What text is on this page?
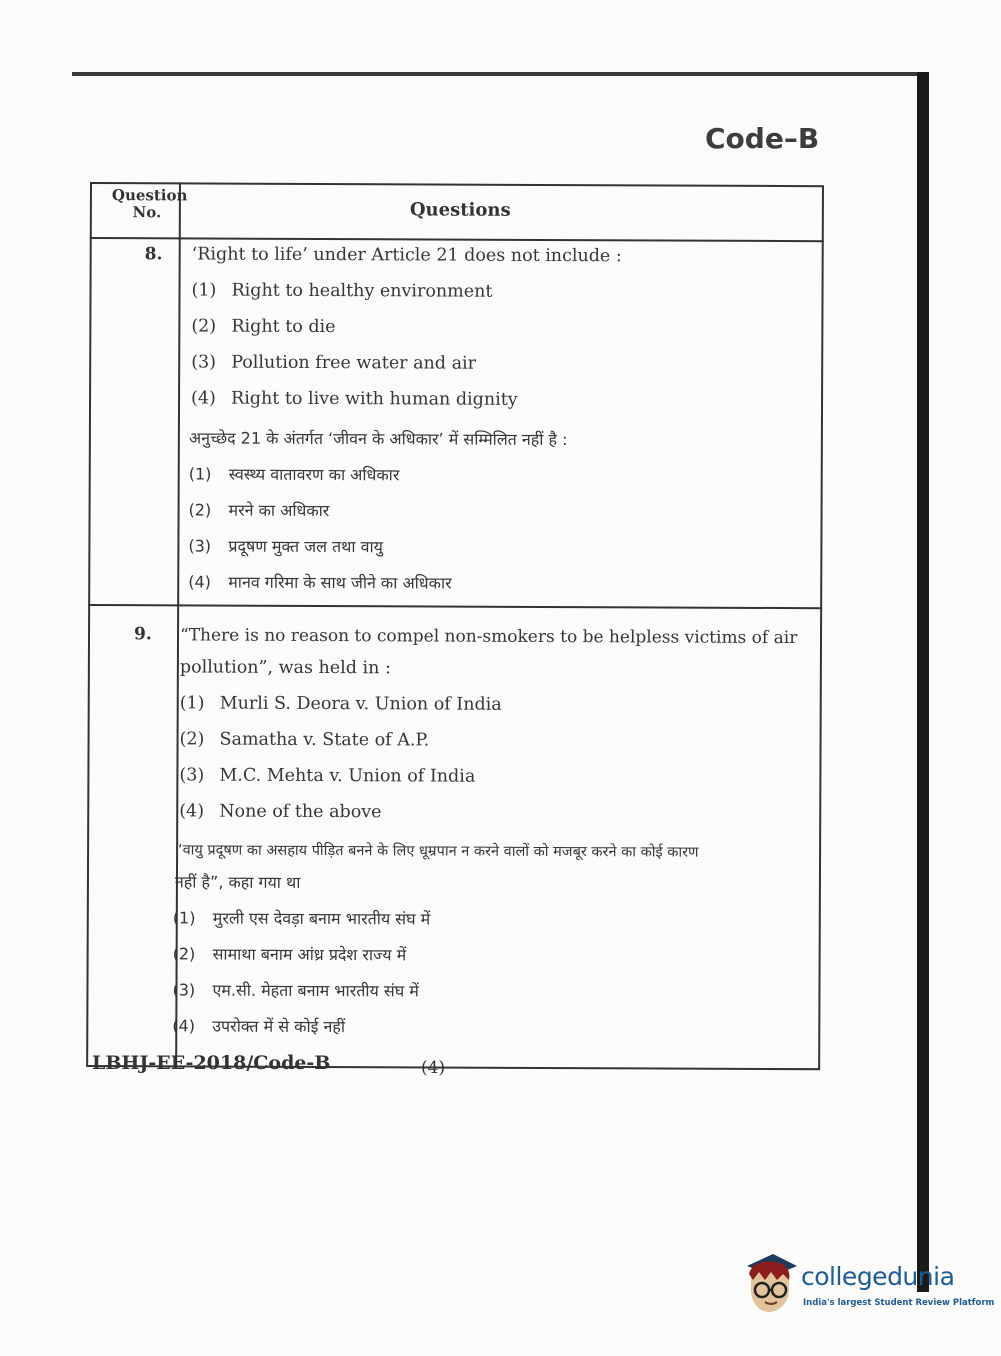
Code–B
Question No.	Questions
8. ‘Right to life’ under Article 21 does not include :
(1) Right to healthy environment
(2) Right to die
(3) Pollution free water and air
(4) Right to live with human dignity
अनुच्छेद 21 के अंतर्गत ‘जीवन के अधिकार’ में सम्मिलित नहीं है :
(1) स्वस्थ्य वातावरण का अधिकार
(2) मरने का अधिकार
(3) प्रदूषण मुक्त जल तथा वायु
(4) मानव गरिमा के साथ जीने का अधिकार
9. “There is no reason to compel non-smokers to be helpless victims of air
pollution”, was held in :
(1) Murli S. Deora v. Union of India
(2) Samatha v. State of A.P.
(3) M.C. Mehta v. Union of India
(4) None of the above
“वायु प्रदूषण का असहाय पीड़ित बनने के लिए धूम्रपान न करने वालों को मजबूर करने का कोई कारण
नहीं है”, कहा गया था
(1) मुरली एस देवड़ा बनाम भारतीय संघ में
(2) सामाथा बनाम आंध्र प्रदेश राज्य में
(3) एम.सी. मेहता बनाम भारतीय संघ में
(4) उपरोक्त में से कोई नहीं
LBHJ-EE-2018/Code-B	(4)
collegedunia
India's largest Student Review Platform
